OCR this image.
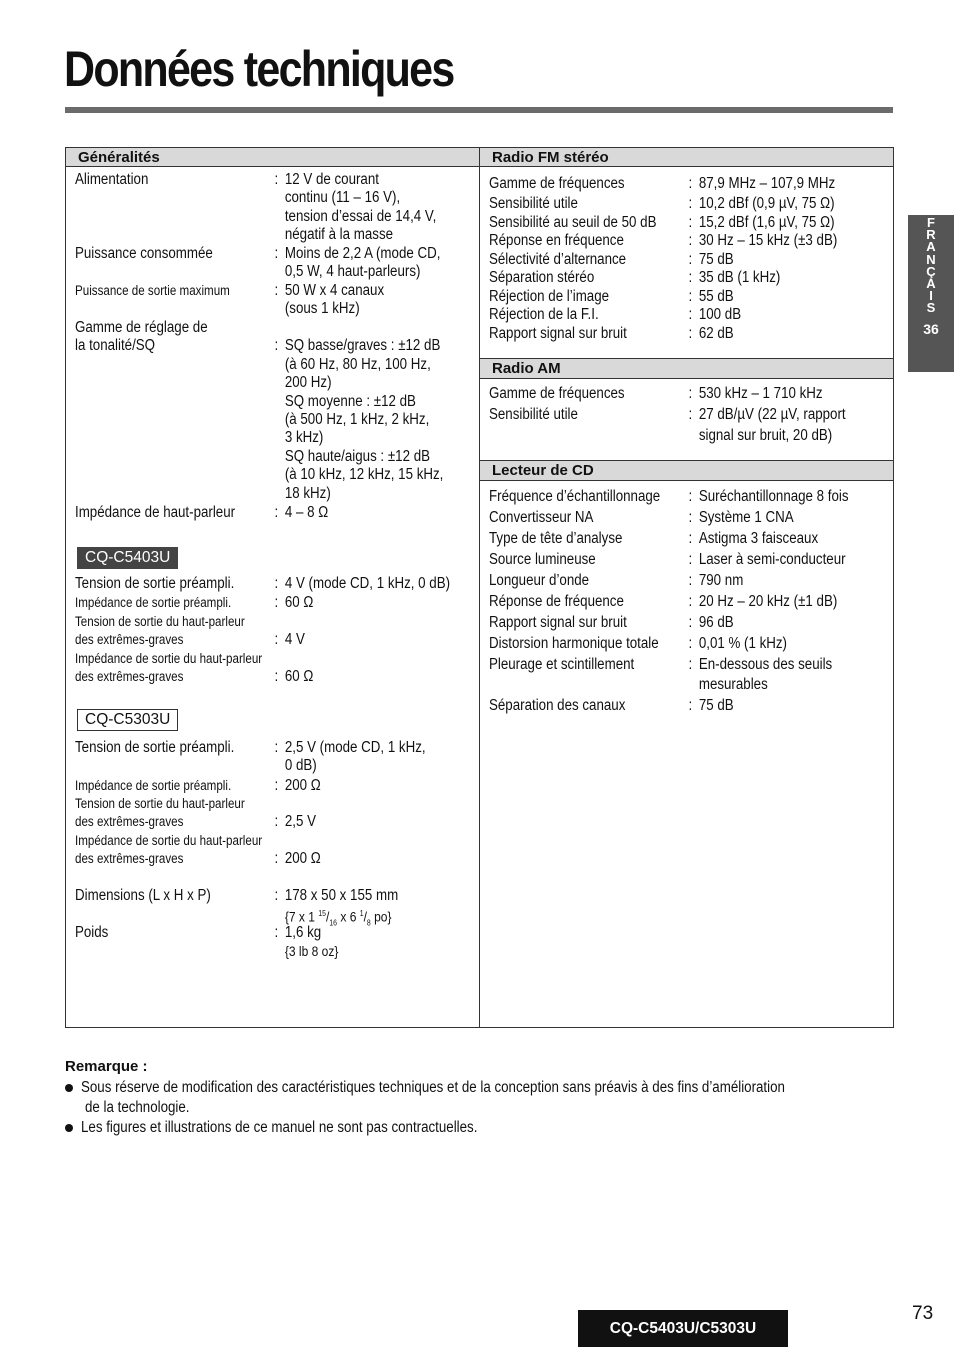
Données techniques
F
R
A
N
Ç
A
I
S
36
Généralités	Radio FM stéréo
Radio AM
Lecteur de CD
Alimentation	: 12 V de courant
continu (11 – 16 V),
tension d’essai de 14,4 V,
négatif à la masse
Puissance consommée	: Moins de 2,2 A (mode CD,
0,5 W, 4 haut-parleurs)
Puissance de sortie maximum	: 50 W x 4 canaux
(sous 1 kHz)
Gamme de réglage de
la tonalité/SQ	: SQ basse/graves : ±12 dB
(à 60 Hz, 80 Hz, 100 Hz,
200 Hz)
SQ moyenne : ±12 dB
(à 500 Hz, 1 kHz, 2 kHz,
3 kHz)
SQ haute/aigus : ±12 dB
(à 10 kHz, 12 kHz, 15 kHz,
18 kHz)
Impédance de haut-parleur	: 4 – 8 Ω
CQ-C5403U
Tension de sortie préampli.	: 4 V (mode CD, 1 kHz, 0 dB)
Impédance de sortie préampli.	: 60 Ω
Tension de sortie du haut-parleur
des extrêmes-graves	: 4 V
Impédance de sortie du haut-parleur
des extrêmes-graves	: 60 Ω
CQ-C5303U
Tension de sortie préampli.	: 2,5 V (mode CD, 1 kHz,
0 dB)
Impédance de sortie préampli.	: 200 Ω
Tension de sortie du haut-parleur
des extrêmes-graves	: 2,5 V
Impédance de sortie du haut-parleur
des extrêmes-graves	: 200 Ω
Dimensions (L x H x P)	: 178 x 50 x 155 mm
{7 x 1 $^{15}/_{16}$ x 6 $^1/_8$ po}
Poids	: 1,6 kg
{3 lb 8 oz}
Gamme de fréquences	: 87,9 MHz – 107,9 MHz
Sensibilité utile	: 10,2 dBf (0,9 µV, 75 Ω)
Sensibilité au seuil de 50 dB : 15,2 dBf (1,6 µV, 75 Ω)
Réponse en fréquence	: 30 Hz – 15 kHz (±3 dB)
Sélectivité d’alternance	: 75 dB
Séparation stéréo	: 35 dB (1 kHz)
Réjection de l’image	: 55 dB
Réjection de la F.I.	: 100 dB
Rapport signal sur bruit	: 62 dB
Gamme de fréquences	: 530 kHz – 1 710 kHz
Sensibilité utile	: 27 dB/µV (22 µV, rapport
signal sur bruit, 20 dB)
Fréquence d’échantillonnage : Suréchantillonnage 8 fois
Convertisseur NA	: Système 1 CNA
Type de tête d’analyse	: Astigma 3 faisceaux
Source lumineuse	: Laser à semi-conducteur
Longueur d’onde	: 790 nm
Réponse de fréquence	: 20 Hz – 20 kHz (±1 dB)
Rapport signal sur bruit	: 96 dB
Distorsion harmonique totale : 0,01 % (1 kHz)
Pleurage et scintillement	: En-dessous des seuils
mesurables
Séparation des canaux	: 75 dB
Remarque :
Sous réserve de modification des caractéristiques techniques et de la conception sans préavis à des fins d’amélioration
de la technologie.
Les figures et illustrations de ce manuel ne sont pas contractuelles.
73
CQ-C5403U/C5303U
